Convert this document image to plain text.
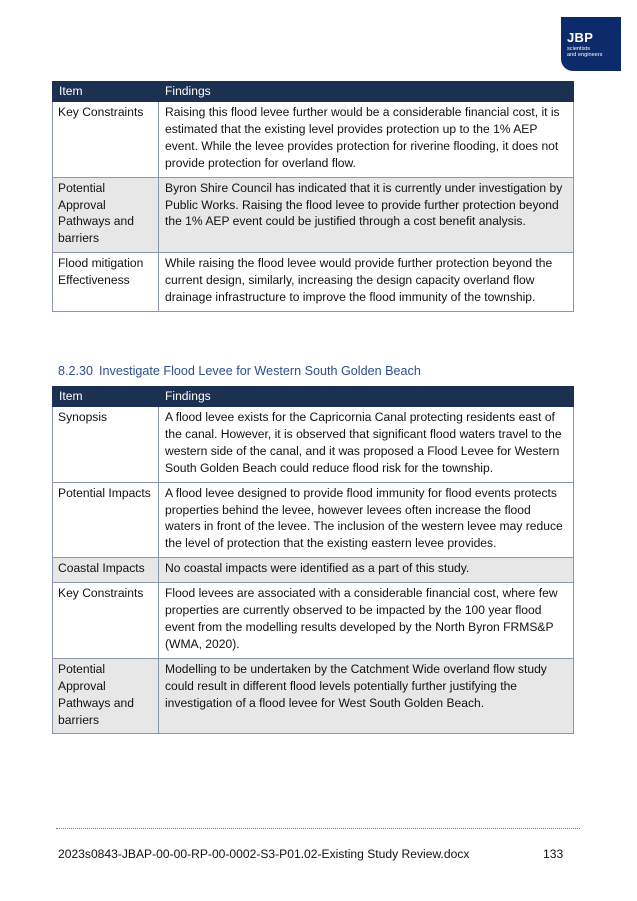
JBP
scientists
and engineers
Item	Findings
Key Constraints	Raising this flood levee further would be a considerable financial cost, it is estimated that the existing level provides protection up to the 1% AEP event. While the levee provides protection for riverine flooding, it does not provide protection for overland flow.
Potential Approval Pathways and barriers	Byron Shire Council has indicated that it is currently under investigation by Public Works. Raising the flood levee to provide further protection beyond the 1% AEP event could be justified through a cost benefit analysis.
Flood mitigation Effectiveness	While raising the flood levee would provide further protection beyond the current design, similarly, increasing the design capacity overland flow drainage infrastructure to improve the flood immunity of the township.
8.2.30 Investigate Flood Levee for Western South Golden Beach
Item	Findings
Synopsis	A flood levee exists for the Capricornia Canal protecting residents east of the canal. However, it is observed that significant flood waters travel to the western side of the canal, and it was proposed a Flood Levee for Western South Golden Beach could reduce flood risk for the township.
Potential Impacts	A flood levee designed to provide flood immunity for flood events protects properties behind the levee, however levees often increase the flood waters in front of the levee. The inclusion of the western levee may reduce the level of protection that the existing eastern levee provides.
Coastal Impacts	No coastal impacts were identified as a part of this study.
Key Constraints	Flood levees are associated with a considerable financial cost, where few properties are currently observed to be impacted by the 100 year flood event from the modelling results developed by the North Byron FRMS&P (WMA, 2020).
Potential Approval Pathways and barriers	Modelling to be undertaken by the Catchment Wide overland flow study could result in different flood levels potentially further justifying the investigation of a flood levee for West South Golden Beach.
2023s0843-JBAP-00-00-RP-00-0002-S3-P01.02-Existing Study Review.docx	133
